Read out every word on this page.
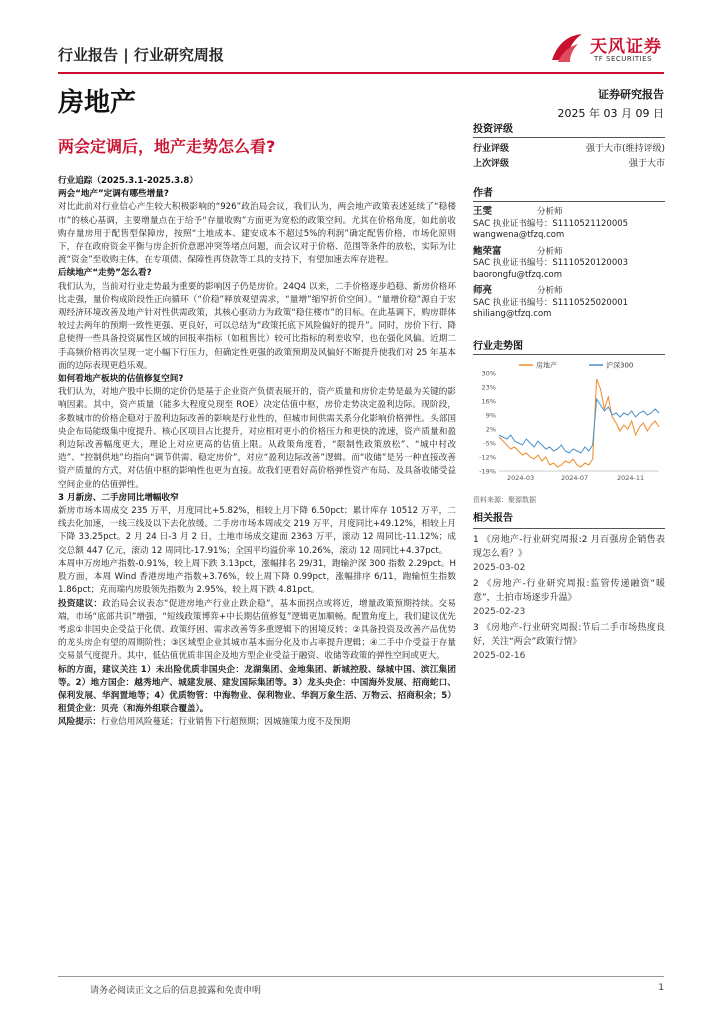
行业报告 | 行业研究周报	天风证券
TF SECURITIES
房地产	证券研究报告
2025 年 03 月 09 日
两会定调后，地产走势怎么看?

行业追踪（2025.3.1-2025.3.8）

两会“地产”定调有哪些增量?

对比此前对行业信心产生较大积极影响的“926”政治局会议，我们认为，两会地产政策表述延续了“稳楼市”的核心基调，主要增量点在于给予“存量收购”方面更为宽松的政策空间。尤其在价格角度，如此前收购存量房用于配售型保障房，按照“土地成本、建安成本不超过5%的利润”确定配售价格，市场化原则下，存在政府资金平衡与房企折价意愿冲突等堵点问题，而会议对于价格、范围等条件的放松，实际为让渡“资金”至收购主体，在专项债、保障性再贷款等工具的支持下，有望加速去库存进程。

后续地产“走势”怎么看?

我们认为，当前对行业走势最为重要的影响因子仍是房价。24Q4 以来，二手价格逐步趋稳、新房价格环比走强，量价构成阶段性正向循环（“价稳”释放观望需求，“量增”缩窄折价空间）。“量增价稳”源自于宏观经济环境改善及地产针对性供需政策，其核心驱动力为政策“稳住楼市”的目标。在此基调下，购房群体较过去两年的预期一致性更强、更良好，可以总结为“政策托底下风险偏好的提升”。同时，房价下行、降息使得一些具备投资属性区域的回报率指标（如租售比）较可比指标的利差收窄，也在强化风偏。近期二手高频价格再次呈现一定小幅下行压力，但确定性更强的政策预期及风偏好不断提升使我们对 25 年基本面的边际表现更趋乐观。

如何看地产板块的估值修复空间?

我们认为，对地产股中长期的定价仍是基于企业资产负债表展开的，资产质量和房价走势是最为关键的影响因素。其中，资产质量（能多大程度兑现至 ROE）决定估值中枢，房价走势决定盈利边际。现阶段，多数城市的价格企稳对于盈利边际改善的影响是行业性的，但城市间供需关系分化影响价格弹性。头部国央企布局能级集中度提升、核心区项目占比提升，对应相对更小的价格压力和更快的流速，资产质量和盈利边际改善幅度更大，理论上对应更高的估值上限。从政策角度看，“限制性政策放松”、“城中村改造”、“控制供地”均指向“调节供需、稳定房价”，对应“盈利边际改善”逻辑。而“收储”是另一种直接改善资产质量的方式，对估值中枢的影响性也更为直接。故我们更看好高价格弹性资产布局、及具备收储受益空间企业的估值弹性。

3 月新房、二手房同比增幅收窄

新房市场本周成交 235 万平，月度同比+5.82%，相较上月下降 6.50pct；累计库存 10512 万平，二线去化加速，一线三线及以下去化放缓。二手房市场本周成交 219 万平，月度同比+49.12%，相较上月下降 33.25pct。2 月 24 日-3 月 2 日，土地市场成交建面 2363 万平，滚动 12 周同比-11.12%；成交总额 447 亿元，滚动 12 周同比-17.91%；全国平均溢价率 10.26%，滚动 12 周同比+4.37pct。

本周申万房地产指数-0.91%，较上周下跌 3.13pct，涨幅排名 29/31，跑输沪深 300 指数 2.29pct。H 股方面，本周 Wind 香港房地产指数+3.76%，较上周下降 0.99pct，涨幅排序 6/11，跑输恒生指数 1.86pct；克而瑞内房股领先指数为 2.95%，较上周下跌 4.81pct。

投资建议：政治局会议表态“促进房地产行业止跌企稳”，基本面拐点或将近，增量政策预期持续。交易端，市场“底部共识”增强，“短线政策博弈+中长期估值修复”逻辑更加顺畅。配置角度上，我们建议优先考虑①非国央企受益于化债、政策纾困、需求改善等多重逻辑下的困境反转；②具备投资及改善产品优势的龙头房企有望的周期阶性；③区域型企业其城市基本面分化及市占率提升逻辑；④二手中介受益于存量交易景气度提升。其中，低估值优质非国企及地方型企业受益于融资、收储等政策的弹性空间或更大。

标的方面，建议关注 1）未出险优质非国央企：龙湖集团、金地集团、新城控股、绿城中国、滨江集团等。2）地方国企：越秀地产、城建发展、建发国际集团等。3）龙头央企：中国海外发展、招商蛇口、保利发展、华润置地等；4）优质物管：中海物业、保利物业、华润万象生活、万物云、招商积余；5）租赁企业：贝壳（和海外组联合覆盖）。

风险提示：行业信用风险蔓延；行业销售下行超预期；因城施策力度不及预期

投资评级
行业评级	强于大市(维持评级)
上次评级	强于大市
作者
王雯	分析师
SAC 执业证书编号：S1110521120005
wangwena@tfzq.com
鲍荣富	分析师
SAC 执业证书编号：S1110520120003
baorongfu@tfzq.com
师亮	分析师
SAC 执业证书编号：S1110525020001
shiliang@tfzq.com
行业走势图
30%
23%
16%
9%
2%
-5%
-12%
-19%
2024-03	2024-07	2024-11
房地产	沪深300
资料来源：聚源数据
相关报告
1 《房地产-行业研究周报:2 月百强房企销售表现怎么看？》
2025-03-02
2 《房地产-行业研究周报:监管传递融资“暖意”，土拍市场逐步升温》
2025-02-23
3 《房地产-行业研究周报:节后二手市场热度良好，关注“两会”政策行情》
2025-02-16
请务必阅读正文之后的信息披露和免责申明	1
